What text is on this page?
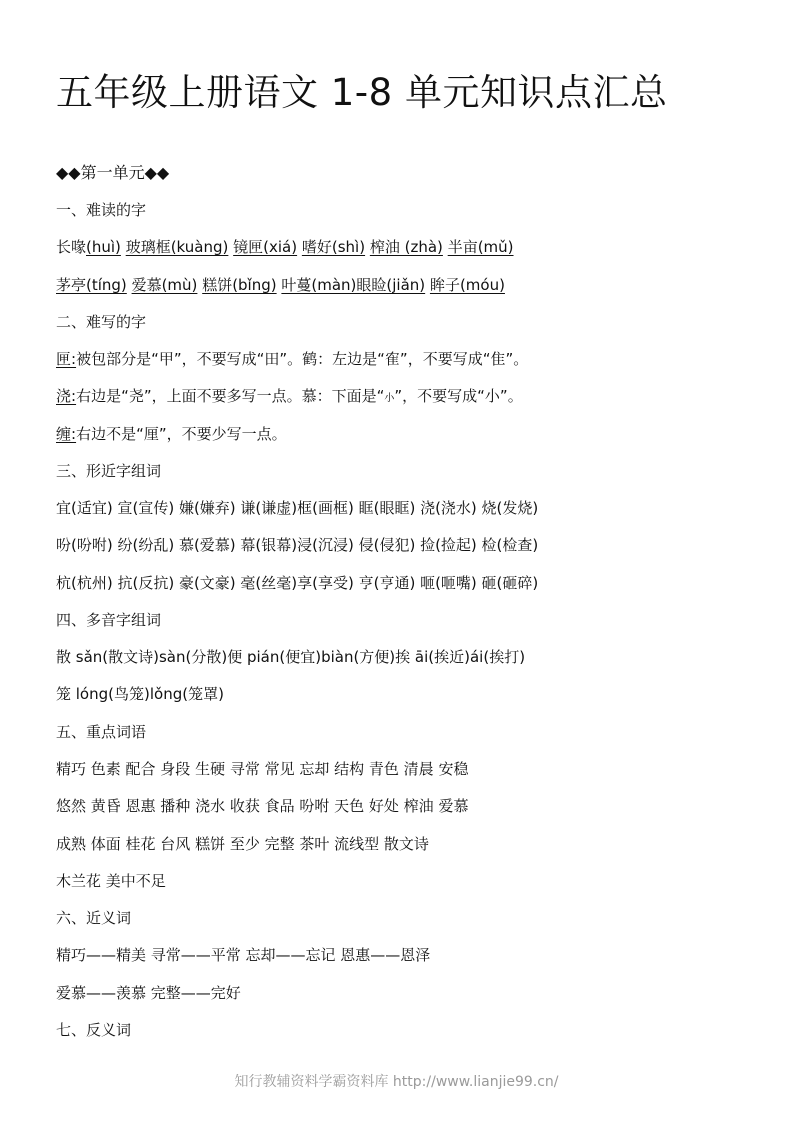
五年级上册语文 1-8 单元知识点汇总
◆◆第一单元◆◆
一、难读的字
长喙(huì) 玻璃框(kuàng) 镜匣(xiá) 嗜好(shì) 榨油 (zhà) 半亩(mǔ)
茅亭(tíng) 爱慕(mù) 糕饼(bǐng) 叶蔓(màn)眼睑(jiǎn) 眸子(móu)
二、难写的字
匣:被包部分是“甲”，不要写成“田”。鹤：左边是“隺”，不要写成“隹”。
浇:右边是“尧”，上面不要多写一点。慕：下面是“小”，不要写成“小”。
缠:右边不是“厘”，不要少写一点。
三、形近字组词
宜(适宜) 宣(宣传) 嫌(嫌弃) 谦(谦虚)框(画框) 眶(眼眶) 浇(浇水) 烧(发烧)
吩(吩咐) 纷(纷乱) 慕(爱慕) 幕(银幕)浸(沉浸) 侵(侵犯) 捡(捡起) 检(检查)
杭(杭州) 抗(反抗) 豪(文豪) 毫(丝毫)享(享受) 亨(亨通) 咂(咂嘴) 砸(砸碎)
四、多音字组词
散 sǎn(散文诗)sàn(分散)便 pián(便宜)biàn(方便)挨 āi(挨近)ái(挨打)
笼 lóng(鸟笼)lǒng(笼罩)
五、重点词语
精巧 色素 配合 身段 生硬 寻常 常见 忘却 结构 青色 清晨 安稳
悠然 黄昏 恩惠 播种 浇水 收获 食品 吩咐 天色 好处 榨油 爱慕
成熟 体面 桂花 台风 糕饼 至少 完整 茶叶 流线型 散文诗
木兰花 美中不足
六、近义词
精巧——精美 寻常——平常 忘却——忘记 恩惠——恩泽
爱慕——羡慕 完整——完好
七、反义词
知行教辅资料学霸资料库 http://www.lianjie99.cn/
